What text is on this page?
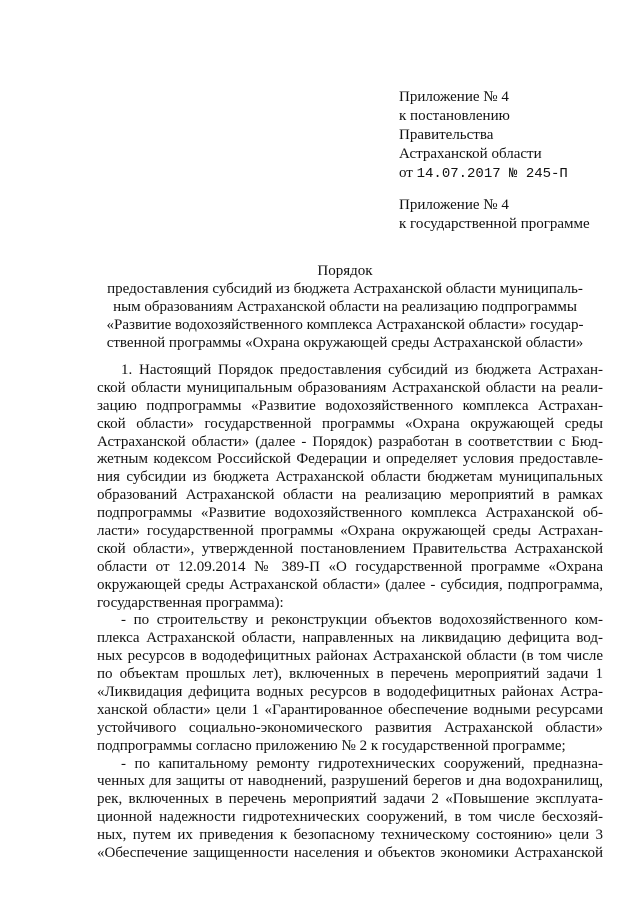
Приложение № 4
к постановлению
Правительства
Астраханской области
от 14.07.2017 № 245-П
Приложение № 4
к государственной программе
Порядок
предоставления субсидий из бюджета Астраханской области муниципаль-
ным образованиям Астраханской области на реализацию подпрограммы
«Развитие водохозяйственного комплекса Астраханской области» государ-
ственной программы «Охрана окружающей среды Астраханской области»
1. Настоящий Порядок предоставления субсидий из бюджета Астрахан-
ской области муниципальным образованиям Астраханской области на реали-
зацию подпрограммы «Развитие водохозяйственного комплекса Астрахан-
ской области» государственной программы «Охрана окружающей среды
Астраханской области» (далее - Порядок) разработан в соответствии с Бюд-
жетным кодексом Российской Федерации и определяет условия предоставле-
ния субсидии из бюджета Астраханской области бюджетам муниципальных
образований Астраханской области на реализацию мероприятий в рамках
подпрограммы «Развитие водохозяйственного комплекса Астраханской об-
ласти» государственной программы «Охрана окружающей среды Астрахан-
ской области», утвержденной постановлением Правительства Астраханской
области от 12.09.2014 № 389-П «О государственной программе «Охрана
окружающей среды Астраханской области» (далее - субсидия, подпрограмма,
государственная программа):
- по строительству и реконструкции объектов водохозяйственного ком-
плекса Астраханской области, направленных на ликвидацию дефицита вод-
ных ресурсов в вододефицитных районах Астраханской области (в том числе
по объектам прошлых лет), включенных в перечень мероприятий задачи 1
«Ликвидация дефицита водных ресурсов в вододефицитных районах Астра-
ханской области» цели 1 «Гарантированное обеспечение водными ресурсами
устойчивого социально-экономического развития Астраханской области»
подпрограммы согласно приложению № 2 к государственной программе;
- по капитальному ремонту гидротехнических сооружений, предназна-
ченных для защиты от наводнений, разрушений берегов и дна водохранилищ,
рек, включенных в перечень мероприятий задачи 2 «Повышение эксплуата-
ционной надежности гидротехнических сооружений, в том числе бесхозяй-
ных, путем их приведения к безопасному техническому состоянию» цели 3
«Обеспечение защищенности населения и объектов экономики Астраханской
